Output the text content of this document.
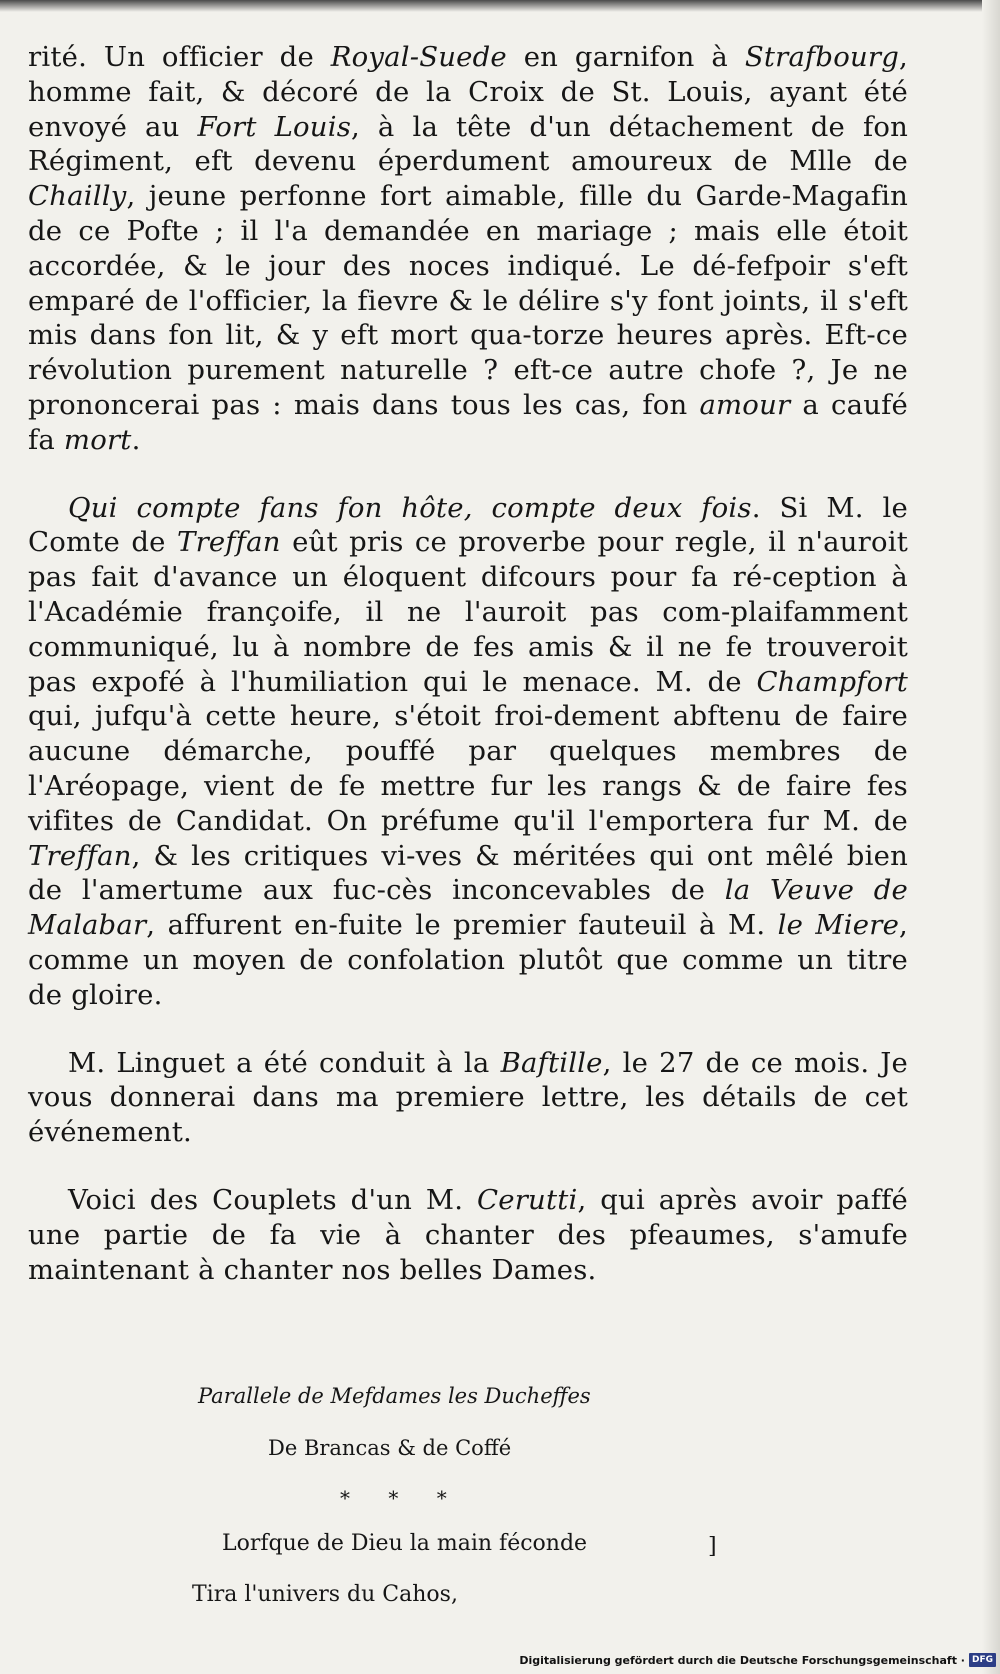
rité. Un officier de Royal-Suede en garnifon à Strafbourg, homme fait, & décoré de la Croix de St. Louis, ayant été envoyé au Fort Louis, à la tête d'un détachement de fon Régiment, eft devenu éperdument amoureux de Mlle de Chailly, jeune perfonne fort aimable, fille du Garde-Magafin de ce Pofte ; il l'a demandée en mariage ; mais elle étoit accordée, & le jour des noces indiqué. Le dé-fefpoir s'eft emparé de l'officier, la fievre & le délire s'y font joints, il s'eft mis dans fon lit, & y eft mort qua-torze heures après. Eft-ce révolution purement naturelle ? eft-ce autre chofe ?, Je ne prononcerai pas : mais dans tous les cas, fon amour a caufé fa mort.

Qui compte fans fon hôte, compte deux fois. Si M. le Comte de Treffan eût pris ce proverbe pour regle, il n'auroit pas fait d'avance un éloquent difcours pour fa ré-ception à l'Académie françoife, il ne l'auroit pas com-plaifamment communiqué, lu à nombre de fes amis & il ne fe trouveroit pas expofé à l'humiliation qui le menace. M. de Champfort qui, jufqu'à cette heure, s'étoit froi-dement abftenu de faire aucune démarche, pouffé par quelques membres de l'Aréopage, vient de fe mettre fur les rangs & de faire fes vifites de Candidat. On préfume qu'il l'emportera fur M. de Treffan, & les critiques vi-ves & méritées qui ont mêlé bien de l'amertume aux fuc-cès inconcevables de la Veuve de Malabar, affurent en-fuite le premier fauteuil à M. le Miere, comme un moyen de confolation plutôt que comme un titre de gloire.

M. Linguet a été conduit à la Baftille, le 27 de ce mois. Je vous donnerai dans ma premiere lettre, les détails de cet événement.

Voici des Couplets d'un M. Cerutti, qui après avoir paffé une partie de fa vie à chanter des pfeaumes, s'amufe maintenant à chanter nos belles Dames.

Parallele de Mefdames les Ducheffes
De Brancas & de Coffé
* * *
Lorfque de Dieu la main féconde	]
Tira l'univers du Cahos,
Digitalisierung gefördert durch die Deutsche Forschungsgemeinschaft · DFG
